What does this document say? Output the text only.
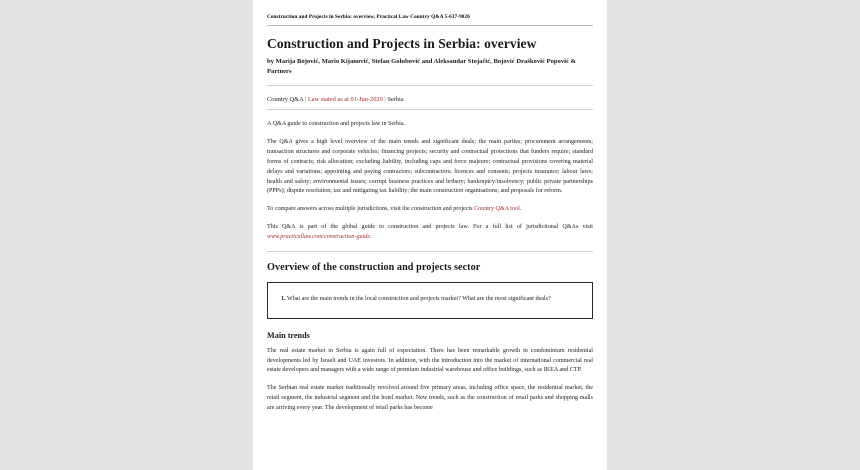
Construction and Projects in Serbia: overview, Practical Law Country Q&A 5-637-9026
Construction and Projects in Serbia: overview
by Marija Bojović, Mario Kijanović, Stefan Golubović and Aleksandar Stojačić, Bojović Drašković Popović & Partners
Country Q&A | Law stated as at 01-Jun-2020 | Serbia

A Q&A guide to construction and projects law in Serbia.

The Q&A gives a high level overview of the main trends and significant deals; the main parties; procurement arrangements; transaction structures and corporate vehicles; financing projects; security and contractual protections that funders require; standard forms of contracts; risk allocation; excluding liability, including caps and force majeure; contractual provisions covering material delays and variations; appointing and paying contractors; subcontractors; licences and consents; projects insurance; labour laws; health and safety; environmental issues; corrupt business practices and bribery; bankruptcy/insolvency; public private partnerships (PPPs); dispute resolution; tax and mitigating tax liability; the main construction organisations; and proposals for reform.

To compare answers across multiple jurisdictions, visit the construction and projects Country Q&A tool.

This Q&A is part of the global guide to construction and projects law. For a full list of jurisdictional Q&As visit www.practicallaw.com/construction-guide.

Overview of the construction and projects sector

1. What are the main trends in the local construction and projects market? What are the most significant deals?

Main trends

The real estate market in Serbia is again full of expectation. There has been remarkable growth in condominium residential developments led by Israeli and UAE investors. In addition, with the introduction into the market of international commercial real estate developers and managers with a wide range of premium industrial warehouse and office buildings, such as IKEA and CTP.

The Serbian real estate market traditionally revolved around five primary areas, including office space, the residential market, the retail segment, the industrial segment and the hotel market. New trends, such as the construction of retail parks and shopping malls are arriving every year. The development of retail parks has become
